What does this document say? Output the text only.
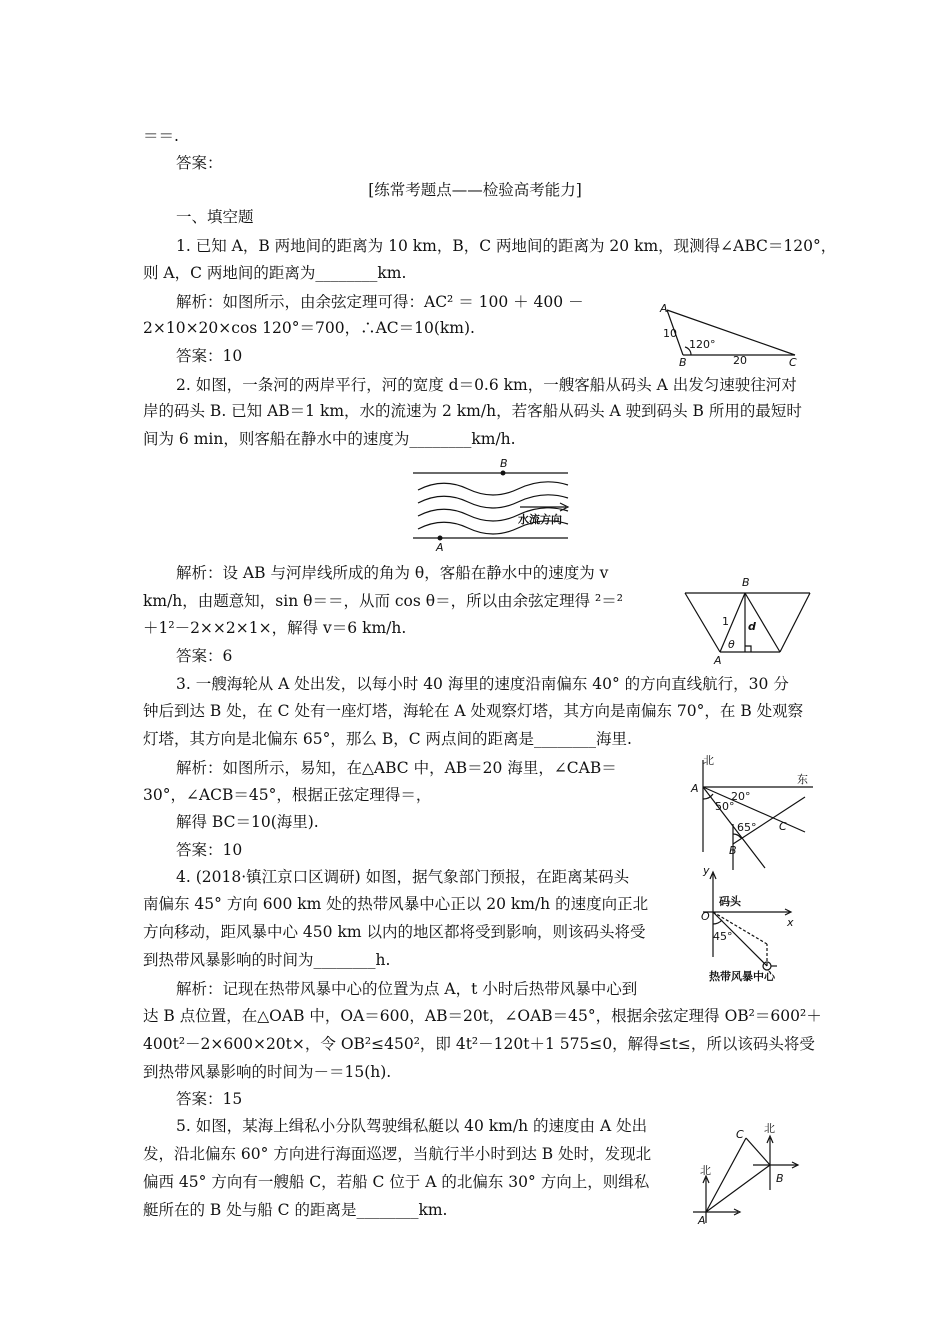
＝＝.
答案：
[练常考题点——检验高考能力]
一、填空题
1. 已知 A，B 两地间的距离为 10 km，B，C 两地间的距离为 20 km，现测得∠ABC＝120°，
则 A，C 两地间的距离为________km.
解析：如图所示，由余弦定理可得：AC² ＝ 100 ＋ 400 －
2×10×20×cos 120°＝700，∴AC＝10(km).
答案：10
2. 如图，一条河的两岸平行，河的宽度 d＝0.6 km，一艘客船从码头 A 出发匀速驶往河对
岸的码头 B. 已知 AB＝1 km，水的流速为 2 km/h，若客船从码头 A 驶到码头 B 所用的最短时
间为 6 min，则客船在静水中的速度为________km/h.
解析：设 AB 与河岸线所成的角为 θ，客船在静水中的速度为 v
km/h，由题意知，sin θ＝＝，从而 cos θ＝，所以由余弦定理得 ²＝²
＋1²－2××2×1×，解得 v＝6 km/h.
答案：6
3. 一艘海轮从 A 处出发，以每小时 40 海里的速度沿南偏东 40° 的方向直线航行，30 分
钟后到达 B 处，在 C 处有一座灯塔，海轮在 A 处观察灯塔，其方向是南偏东 70°，在 B 处观察
灯塔，其方向是北偏东 65°，那么 B，C 两点间的距离是________海里.
解析：如图所示，易知，在△ABC 中，AB＝20 海里，∠CAB＝
30°，∠ACB＝45°，根据正弦定理得＝，
解得 BC＝10(海里).
答案：10
4. (2018·镇江京口区调研) 如图，据气象部门预报，在距离某码头
南偏东 45° 方向 600 km 处的热带风暴中心正以 20 km/h 的速度向正北
方向移动，距风暴中心 450 km 以内的地区都将受到影响，则该码头将受
到热带风暴影响的时间为________h.
解析：记现在热带风暴中心的位置为点 A，t 小时后热带风暴中心到
达 B 点位置，在△OAB 中，OA＝600，AB＝20t，∠OAB＝45°，根据余弦定理得 OB²＝600²＋
400t²－2×600×20t×，令 OB²≤450²，即 4t²－120t＋1 575≤0，解得≤t≤，所以该码头将受
到热带风暴影响的时间为－＝15(h).
答案：15
5. 如图，某海上缉私小分队驾驶缉私艇以 40 km/h 的速度由 A 处出
发，沿北偏东 60° 方向进行海面巡逻，当航行半小时到达 B 处时，发现北
偏西 45° 方向有一艘船 C，若船 C 位于 A 的北偏东 30° 方向上，则缉私
艇所在的 B 处与船 C 的距离是________km.
A
B	C
10
120°
20
B
A
水流方向
B
A
1
θ
d
北
东
A
20°
50°
65° C
B
y
O	x
码头
45°
热带风暴中心
C 北
北
B
A
